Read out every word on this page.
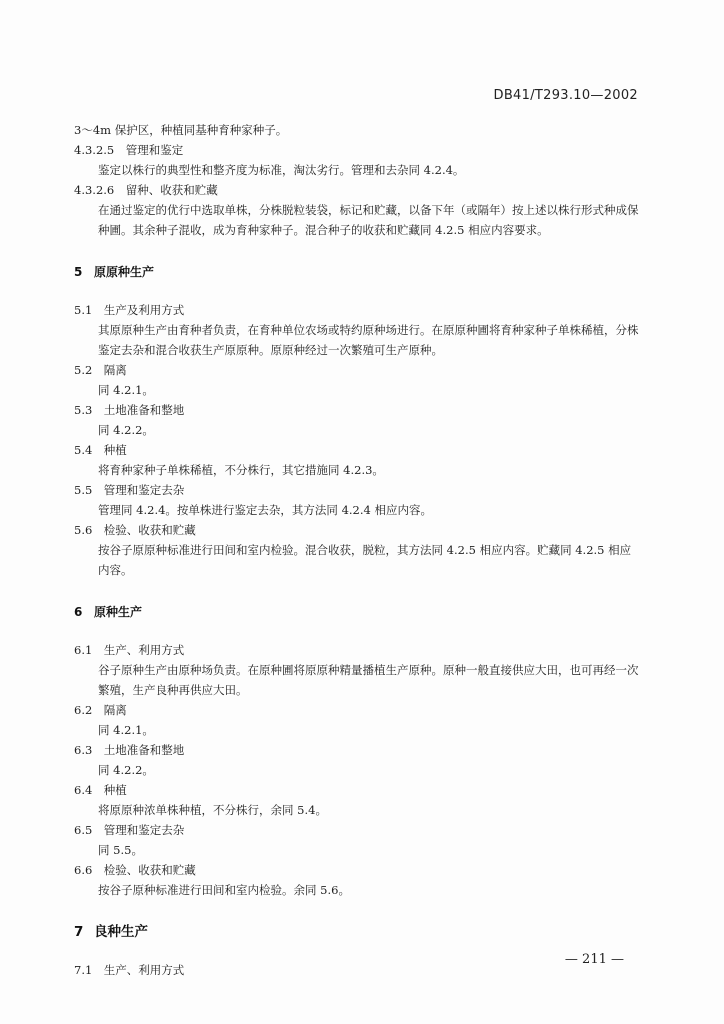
DB41/T293.10—2002
3～4m 保护区，种植同基种育种家种子。
4.3.2.5　管理和鉴定
鉴定以株行的典型性和整齐度为标准，淘汰劣行。管理和去杂同 4.2.4。
4.3.2.6　留种、收获和贮藏
在通过鉴定的优行中选取单株，分株脱粒装袋，标记和贮藏，以备下年（或隔年）按上述以株行形式种成保种圃。其余种子混收，成为育种家种子。混合种子的收获和贮藏同 4.2.5 相应内容要求。
5 原原种生产
5.1　生产及利用方式
其原原种生产由育种者负责，在育种单位农场或特约原种场进行。在原原种圃将育种家种子单株稀植，分株鉴定去杂和混合收获生产原原种。原原种经过一次繁殖可生产原种。
5.2　隔离
同 4.2.1。
5.3　土地准备和整地
同 4.2.2。
5.4　种植
将育种家种子单株稀植，不分株行，其它措施同 4.2.3。
5.5　管理和鉴定去杂
管理同 4.2.4。按单株进行鉴定去杂，其方法同 4.2.4 相应内容。
5.6　检验、收获和贮藏
按谷子原原种标准进行田间和室内检验。混合收获，脱粒，其方法同 4.2.5 相应内容。贮藏同 4.2.5 相应内容。
6 原种生产
6.1　生产、利用方式
谷子原种生产由原种场负责。在原种圃将原原种精量播植生产原种。原种一般直接供应大田，也可再经一次繁殖，生产良种再供应大田。
6.2　隔离
同 4.2.1。
6.3　土地准备和整地
同 4.2.2。
6.4　种植
将原原种浓单株种植，不分株行，余同 5.4。
6.5　管理和鉴定去杂
同 5.5。
6.6　检验、收获和贮藏
按谷子原种标准进行田间和室内检验。余同 5.6。
7 良种生产
7.1　生产、利用方式
— 211 —
